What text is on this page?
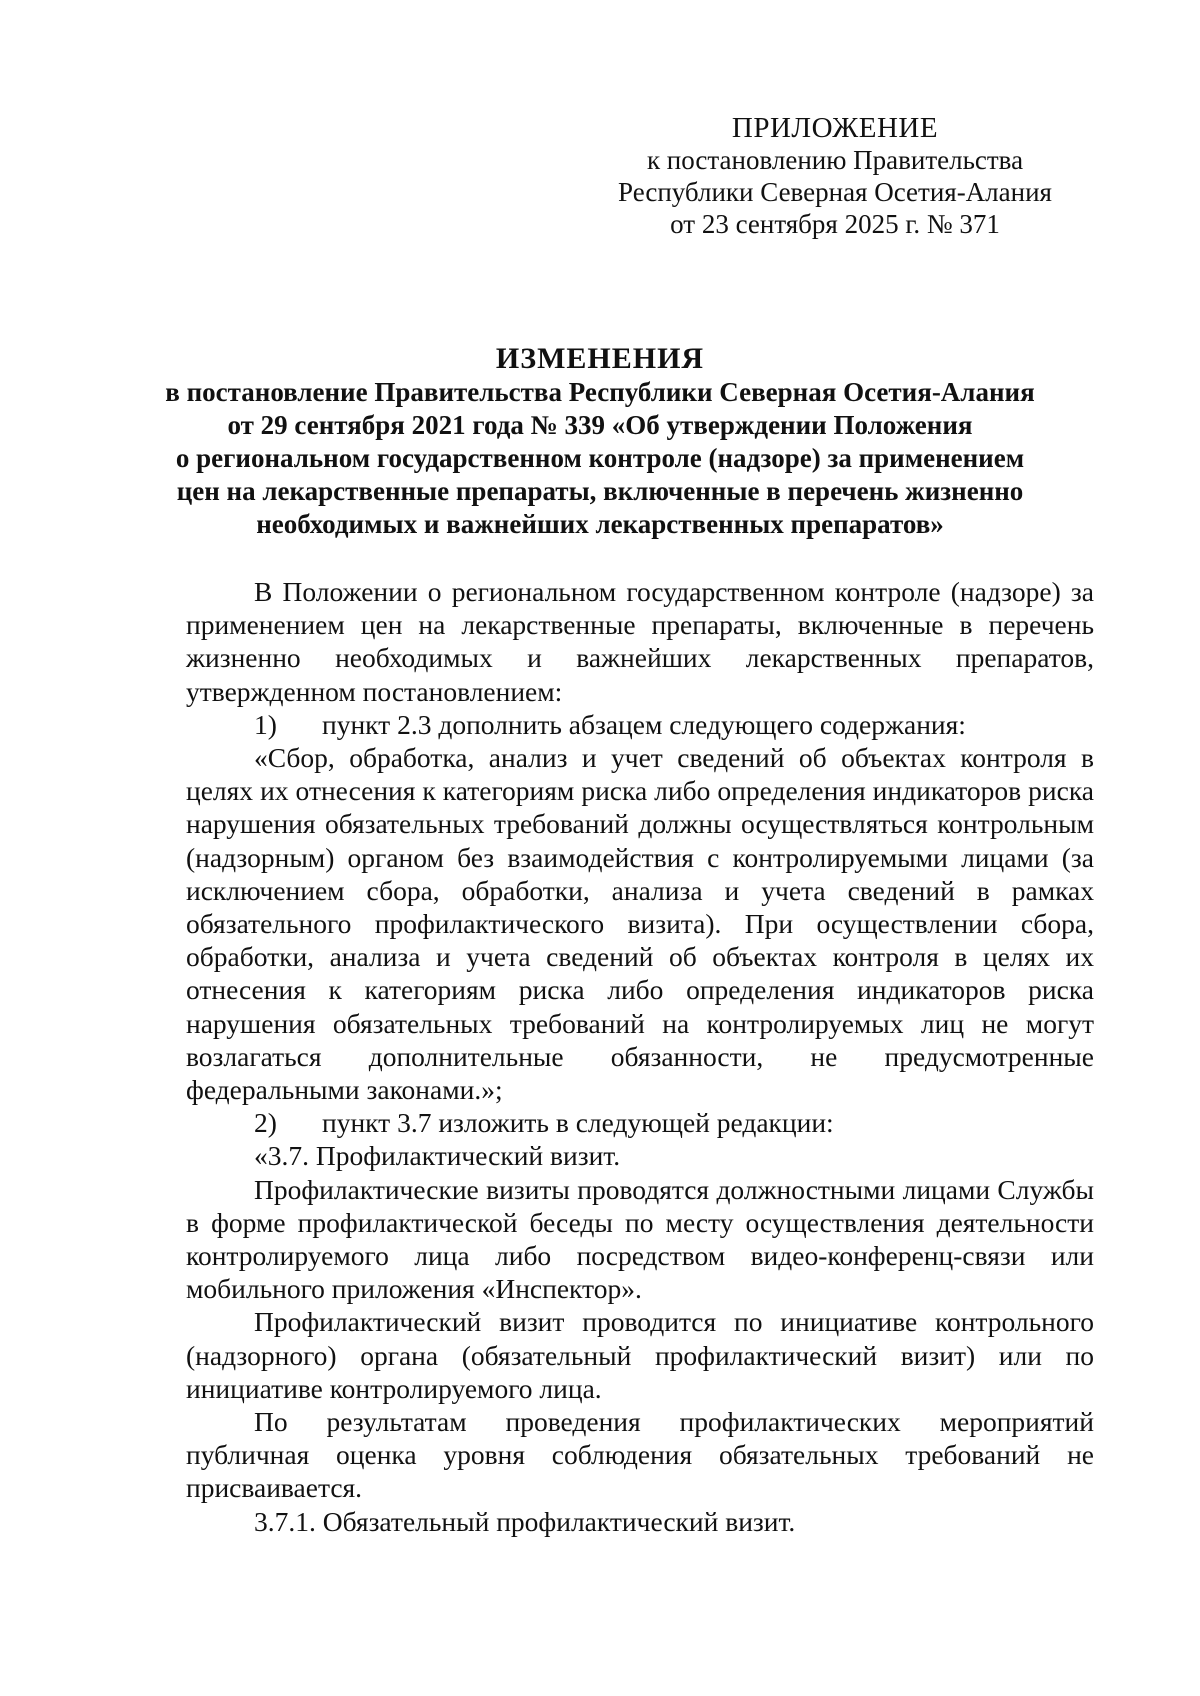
ПРИЛОЖЕНИЕ
к постановлению Правительства
Республики Северная Осетия-Алания
от 23 сентября 2025 г. № 371
ИЗМЕНЕНИЯ
в постановление Правительства Республики Северная Осетия-Алания
от 29 сентября 2021 года № 339 «Об утверждении Положения
о региональном государственном контроле (надзоре) за применением
цен на лекарственные препараты, включенные в перечень жизненно
необходимых и важнейших лекарственных препаратов»

В Положении о региональном государственном контроле (надзоре) за применением цен на лекарственные препараты, включенные в перечень жизненно необходимых и важнейших лекарственных препаратов, утвержденном постановлением:

1) пункт 2.3 дополнить абзацем следующего содержания:

«Сбор, обработка, анализ и учет сведений об объектах контроля в целях их отнесения к категориям риска либо определения индикаторов риска нарушения обязательных требований должны осуществляться контрольным (надзорным) органом без взаимодействия с контролируемыми лицами (за исключением сбора, обработки, анализа и учета сведений в рамках обязательного профилактического визита). При осуществлении сбора, обработки, анализа и учета сведений об объектах контроля в целях их отнесения к категориям риска либо определения индикаторов риска нарушения обязательных требований на контролируемых лиц не могут возлагаться дополнительные обязанности, не предусмотренные федеральными законами.»;

2) пункт 3.7 изложить в следующей редакции:

«3.7. Профилактический визит.

Профилактические визиты проводятся должностными лицами Службы в форме профилактической беседы по месту осуществления деятельности контролируемого лица либо посредством видео-конференц-связи или мобильного приложения «Инспектор».

Профилактический визит проводится по инициативе контрольного (надзорного) органа (обязательный профилактический визит) или по инициативе контролируемого лица.

По результатам проведения профилактических мероприятий публичная оценка уровня соблюдения обязательных требований не присваивается.

3.7.1. Обязательный профилактический визит.
